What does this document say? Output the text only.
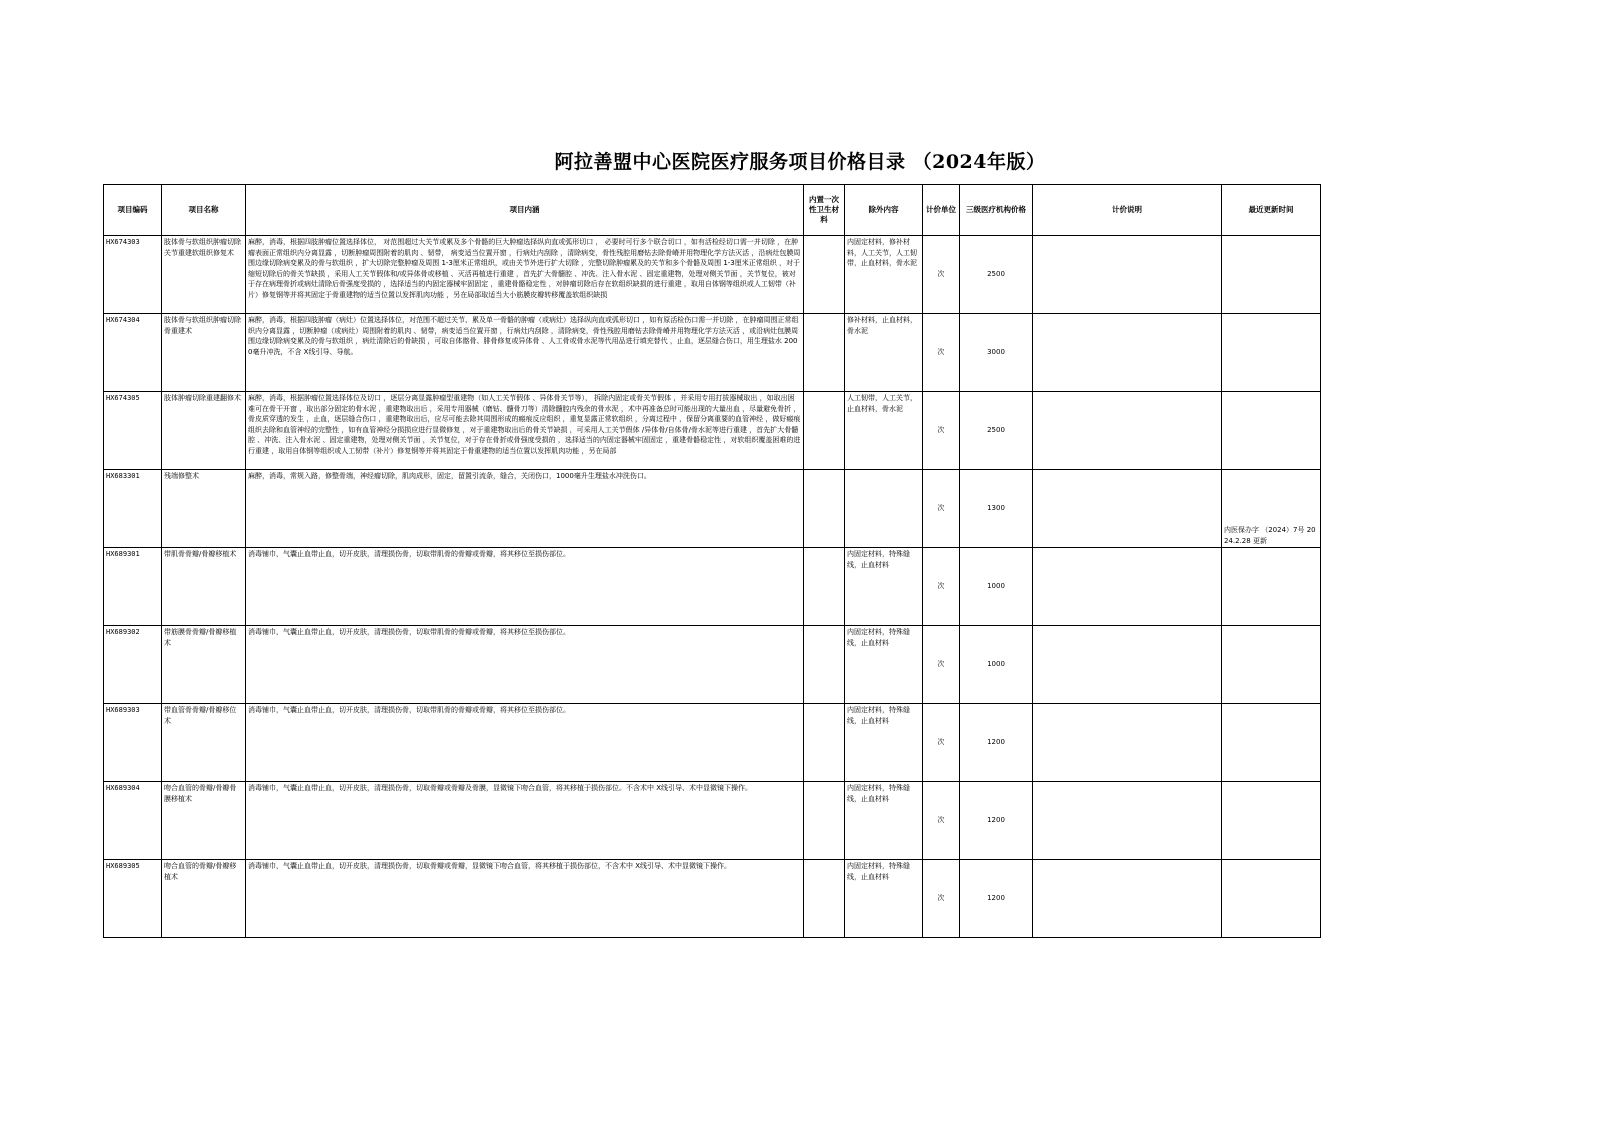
阿拉善盟中心医院医疗服务项目价格目录 （2024年版）
项目编码	项目名称	项目内涵	内置一次性卫生材料	除外内容	计价单位	三级医疗机构价格	计价说明	最近更新时间
HX674303	肢体骨与软组织肿瘤切除关节重建软组织修复术	麻醉，消毒，根据四肢肿瘤位置选择体位， 对范围超过大关节或累及多个骨骼的巨大肿瘤选择纵向直或弧形切口 ， 必要时可行多个联合切口 ，如有活检经切口需一并切除 ，在肿瘤表面正常组织内分离显露 ，切断肿瘤周围附着的肌肉 、韧带， 病变适当位置开窗 ，行病灶内刮除 ，清除病变，骨性残腔用磨钻去除骨嵴并用物理化学方法灭活 ，沿病灶包膜周围边缘切除病变累及的骨与软组织 ，扩大切除完整肿瘤及周围 1-3厘米正常组织，或由关节外进行扩大切除 ，完整切除肿瘤累及的关节和多个骨骼及周围 1-3厘米正常组织 ，对于缩短切除后的骨关节缺损 ，采用人工关节假体和/或异体骨或移植 、灭活再植进行重建 ，首先扩大骨髓腔 、冲洗、注入骨水泥 、固定重建物，处理对侧关节面 ，关节复位，被对于存在病理骨折或病灶清除后骨强度受损的 ，选择适当的内固定器械牢固固定 ，重建骨骼稳定性 ，对肿瘤切除后存在软组织缺损的进行重建 ，取用自体钢等组织或人工韧带（补片）修复钢等并将其固定于骨重建物的适当位置以发挥肌肉功能 ，另在局部取适当大小筋膜皮瓣转移覆盖软组织缺损		内固定材料，修补材料，人工关节，人工韧带，止血材料，骨水泥	次	2500		
HX674304	肢体骨与软组织肿瘤切除骨重建术	麻醉，消毒，根据四肢肿瘤（病灶）位置选择体位，对范围不超过关节、累及单一骨骼的肿瘤（或病灶）选择纵向直或弧形切口 ，如有原活检伤口需一并切除 ，在肿瘤周围正常组织内分离显露 ，切断肿瘤（或病灶）周围附着的肌肉 、韧带，病变适当位置开窗 ，行病灶内刮除 ，清除病变，骨性残腔用磨钻去除骨嵴并用物理化学方法灭活 ，或沿病灶包膜周围边缘切除病变累及的骨与软组织 ，病灶清除后的骨缺损 ，可取自体髂骨、腓骨修复或异体骨 、人工骨或骨水泥等代用品进行填充替代 ，止血，逐层缝合伤口，用生理盐水 2000毫升冲洗，不含 X线引导、导航。		修补材料，止血材料，骨水泥	次	3000		
HX674305	肢体肿瘤切除重建翻修术	麻醉，消毒，根据肿瘤位置选择体位及切口 ，逐层分离显露肿瘤型重建物（如人工关节假体 、异体骨关节等）， 拆除内固定或骨关节假体 ，并采用专用打拔器械取出 ，如取出困难可在骨干开窗 ，取出部分固定的骨水泥 ，重建物取出后 ，采用专用器械（磨钻、髓骨刀等）清除髓腔内残余的骨水泥 ，术中再准备总时可能出现的大量出血 ，尽量避免骨折 ，骨皮质穿透的发生 ，止血，逐层缝合伤口 ，重建物取出后，应尽可能去除其周围形成的瘢痕反应组织 ，重复显露正常软组织 ，分离过程中 ，保留分离重要的血管神经 ，做好瘢痕组织去除和血管神经的完整性 ，如有血管神经分损损应进行显微修复 ，对于重建物取出后的骨关节缺损 ，可采用人工关节假体 /异体骨/自体骨/骨水泥等进行重建 ，首先扩大骨髓腔 、冲洗、注入骨水泥 、固定重建物，处理对侧关节面 ，关节复位，对于存在骨折或骨强度受损的 ，选择适当的内固定器械牢固固定 ，重建骨骼稳定性 ，对软组织覆盖困难的进行重建 ，取用自体钢等组织或人工韧带（补片）修复钢等并将其固定于骨重建物的适当位置以发挥肌肉功能 ，另在局部		人工韧带，人工关节，止血材料，骨水泥	次	2500		
HX683301	残端修整术	麻醉，消毒，常规入路，修整骨端，神经瘤切除，肌肉成形，固定，留置引流条，缝合，关闭伤口，1000毫升生理盐水冲洗伤口。			次	1300		内医保办字 （2024）7号 2024.2.28 更新
HX689301	带肌骨骨瓣/骨瓣移植术	消毒铺巾，气囊止血带止血，切开皮肤，清理损伤骨，切取带肌骨的骨瓣或骨瓣，将其移位至损伤部位。		内固定材料，特殊缝线，止血材料	次	1000		
HX689302	带筋膜骨骨瓣/骨瓣移植术	消毒铺巾，气囊止血带止血，切开皮肤，清理损伤骨，切取带肌骨的骨瓣或骨瓣，将其移位至损伤部位。		内固定材料，特殊缝线，止血材料	次	1000		
HX689303	带血管骨骨瓣/骨瓣移位术	消毒铺巾，气囊止血带止血，切开皮肤，清理损伤骨，切取带肌骨的骨瓣或骨瓣，将其移位至损伤部位。		内固定材料，特殊缝线，止血材料	次	1200		
HX689304	吻合血管的骨瓣/骨瓣骨膜移植术	消毒铺巾，气囊止血带止血，切开皮肤，清理损伤骨，切取骨瓣或骨瓣及骨膜，显微镜下吻合血管，将其移植于损伤部位。不含术中 X线引导、术中显微镜下操作。		内固定材料，特殊缝线，止血材料	次	1200		
HX689305	吻合血管的骨瓣/骨瓣移植术	消毒铺巾，气囊止血带止血，切开皮肤，清理损伤骨，切取骨瓣或骨瓣，显微镜下吻合血管，将其移植于损伤部位，不含术中 X线引导、术中显微镜下操作。		内固定材料，特殊缝线，止血材料	次	1200		
